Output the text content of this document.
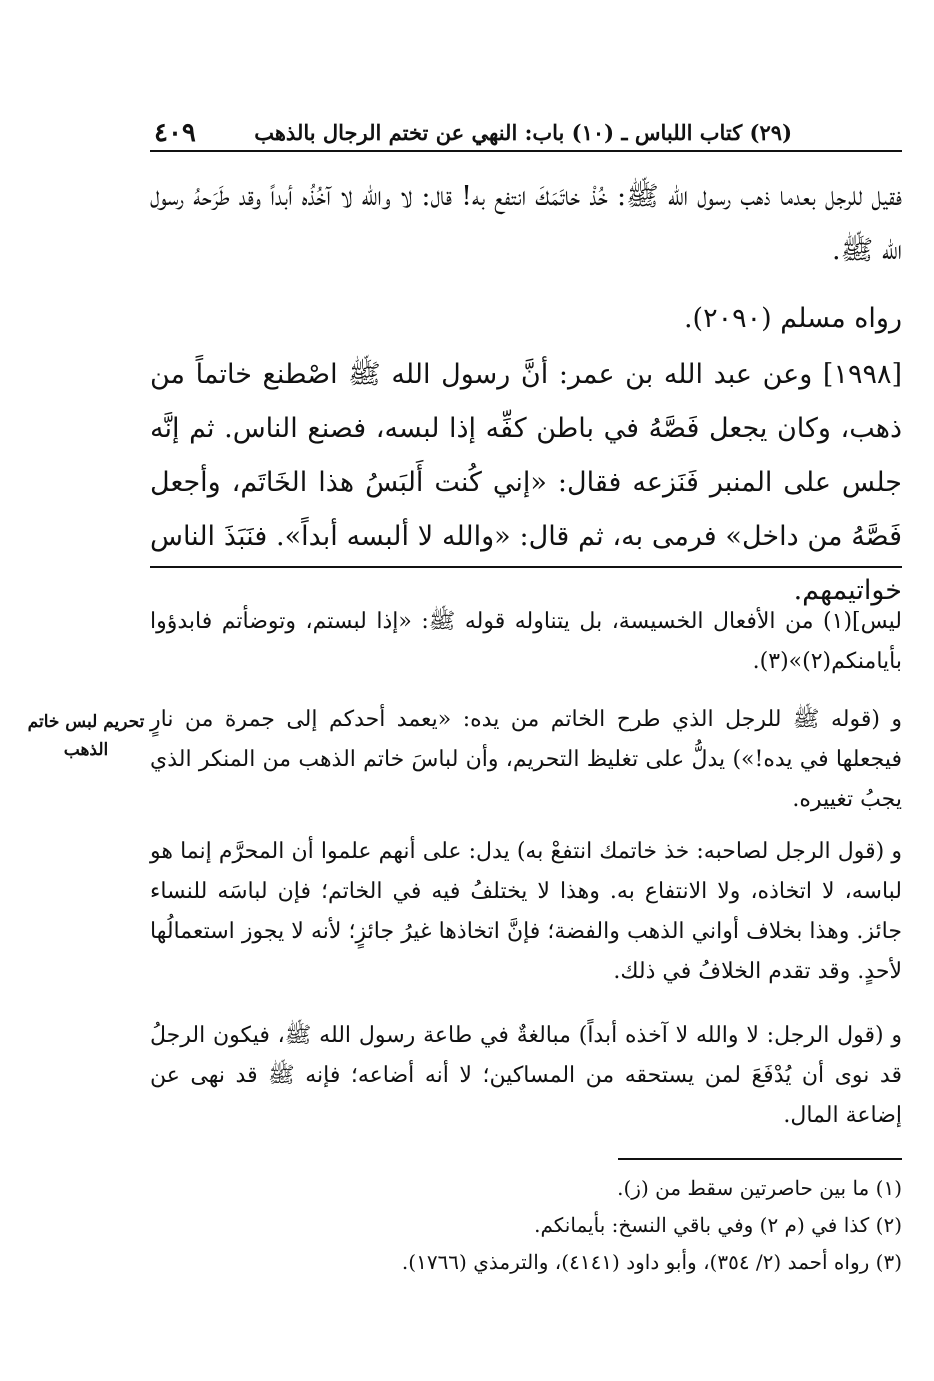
٤٠٩	(٢٩) كتاب اللباس ـ (١٠) باب: النهي عن تختم الرجال بالذهب

فقيل للرجل بعدما ذهب رسول الله ﷺ: خُذْ خاتَمَكَ انتفع به! قال: لا والله لا آخُذُه أبداً وقد طَرَحهُ رسول الله ﷺ.

رواه مسلم (٢٠٩٠).

[١٩٩٨] وعن عبد الله بن عمر: أنَّ رسول الله ﷺ اصْطنع خاتماً من ذهب، وكان يجعل فَصَّهُ في باطن كفِّه إذا لبسه، فصنع الناس. ثم إنَّه جلس على المنبر فَنَزعه فقال: «إني كُنت أَلبَسُ هذا الخَاتَم، وأجعل فَصَّهُ من داخل» فرمى به، ثم قال: «والله لا ألبسه أبداً». فنَبَذَ الناس خواتيمهم.

ليس](١) من الأفعال الخسيسة، بل يتناوله قوله ﷺ: «إذا لبستم، وتوضأتم فابدؤوا بأيامنكم(٢)»(٣).

و (قوله ﷺ للرجل الذي طرح الخاتم من يده: «يعمد أحدكم إلى جمرة من نارٍ فيجعلها في يده!») يدلُّ على تغليظ التحريم، وأن لباسَ خاتم الذهب من المنكر الذي يجبُ تغييره.

و (قول الرجل لصاحبه: خذ خاتمك انتفعْ به) يدل: على أنهم علموا أن المحرَّم إنما هو لباسه، لا اتخاذه، ولا الانتفاع به. وهذا لا يختلفُ فيه في الخاتم؛ فإن لباسَه للنساء جائز. وهذا بخلاف أواني الذهب والفضة؛ فإنَّ اتخاذها غيرُ جائزٍ؛ لأنه لا يجوز استعمالُها لأحدٍ. وقد تقدم الخلافُ في ذلك.

و (قول الرجل: لا والله لا آخذه أبداً) مبالغةٌ في طاعة رسول الله ﷺ، فيكون الرجلُ قد نوى أن يُدْفَعَ لمن يستحقه من المساكين؛ لا أنه أضاعه؛ فإنه ﷺ قد نهى عن إضاعة المال.

تحريم لبس خاتم الذهب

(١) ما بين حاصرتين سقط من (ز).

(٢) كذا في (م ٢) وفي باقي النسخ: بأيمانكم.

(٣) رواه أحمد (٢/ ٣٥٤)، وأبو داود (٤١٤١)، والترمذي (١٧٦٦).
